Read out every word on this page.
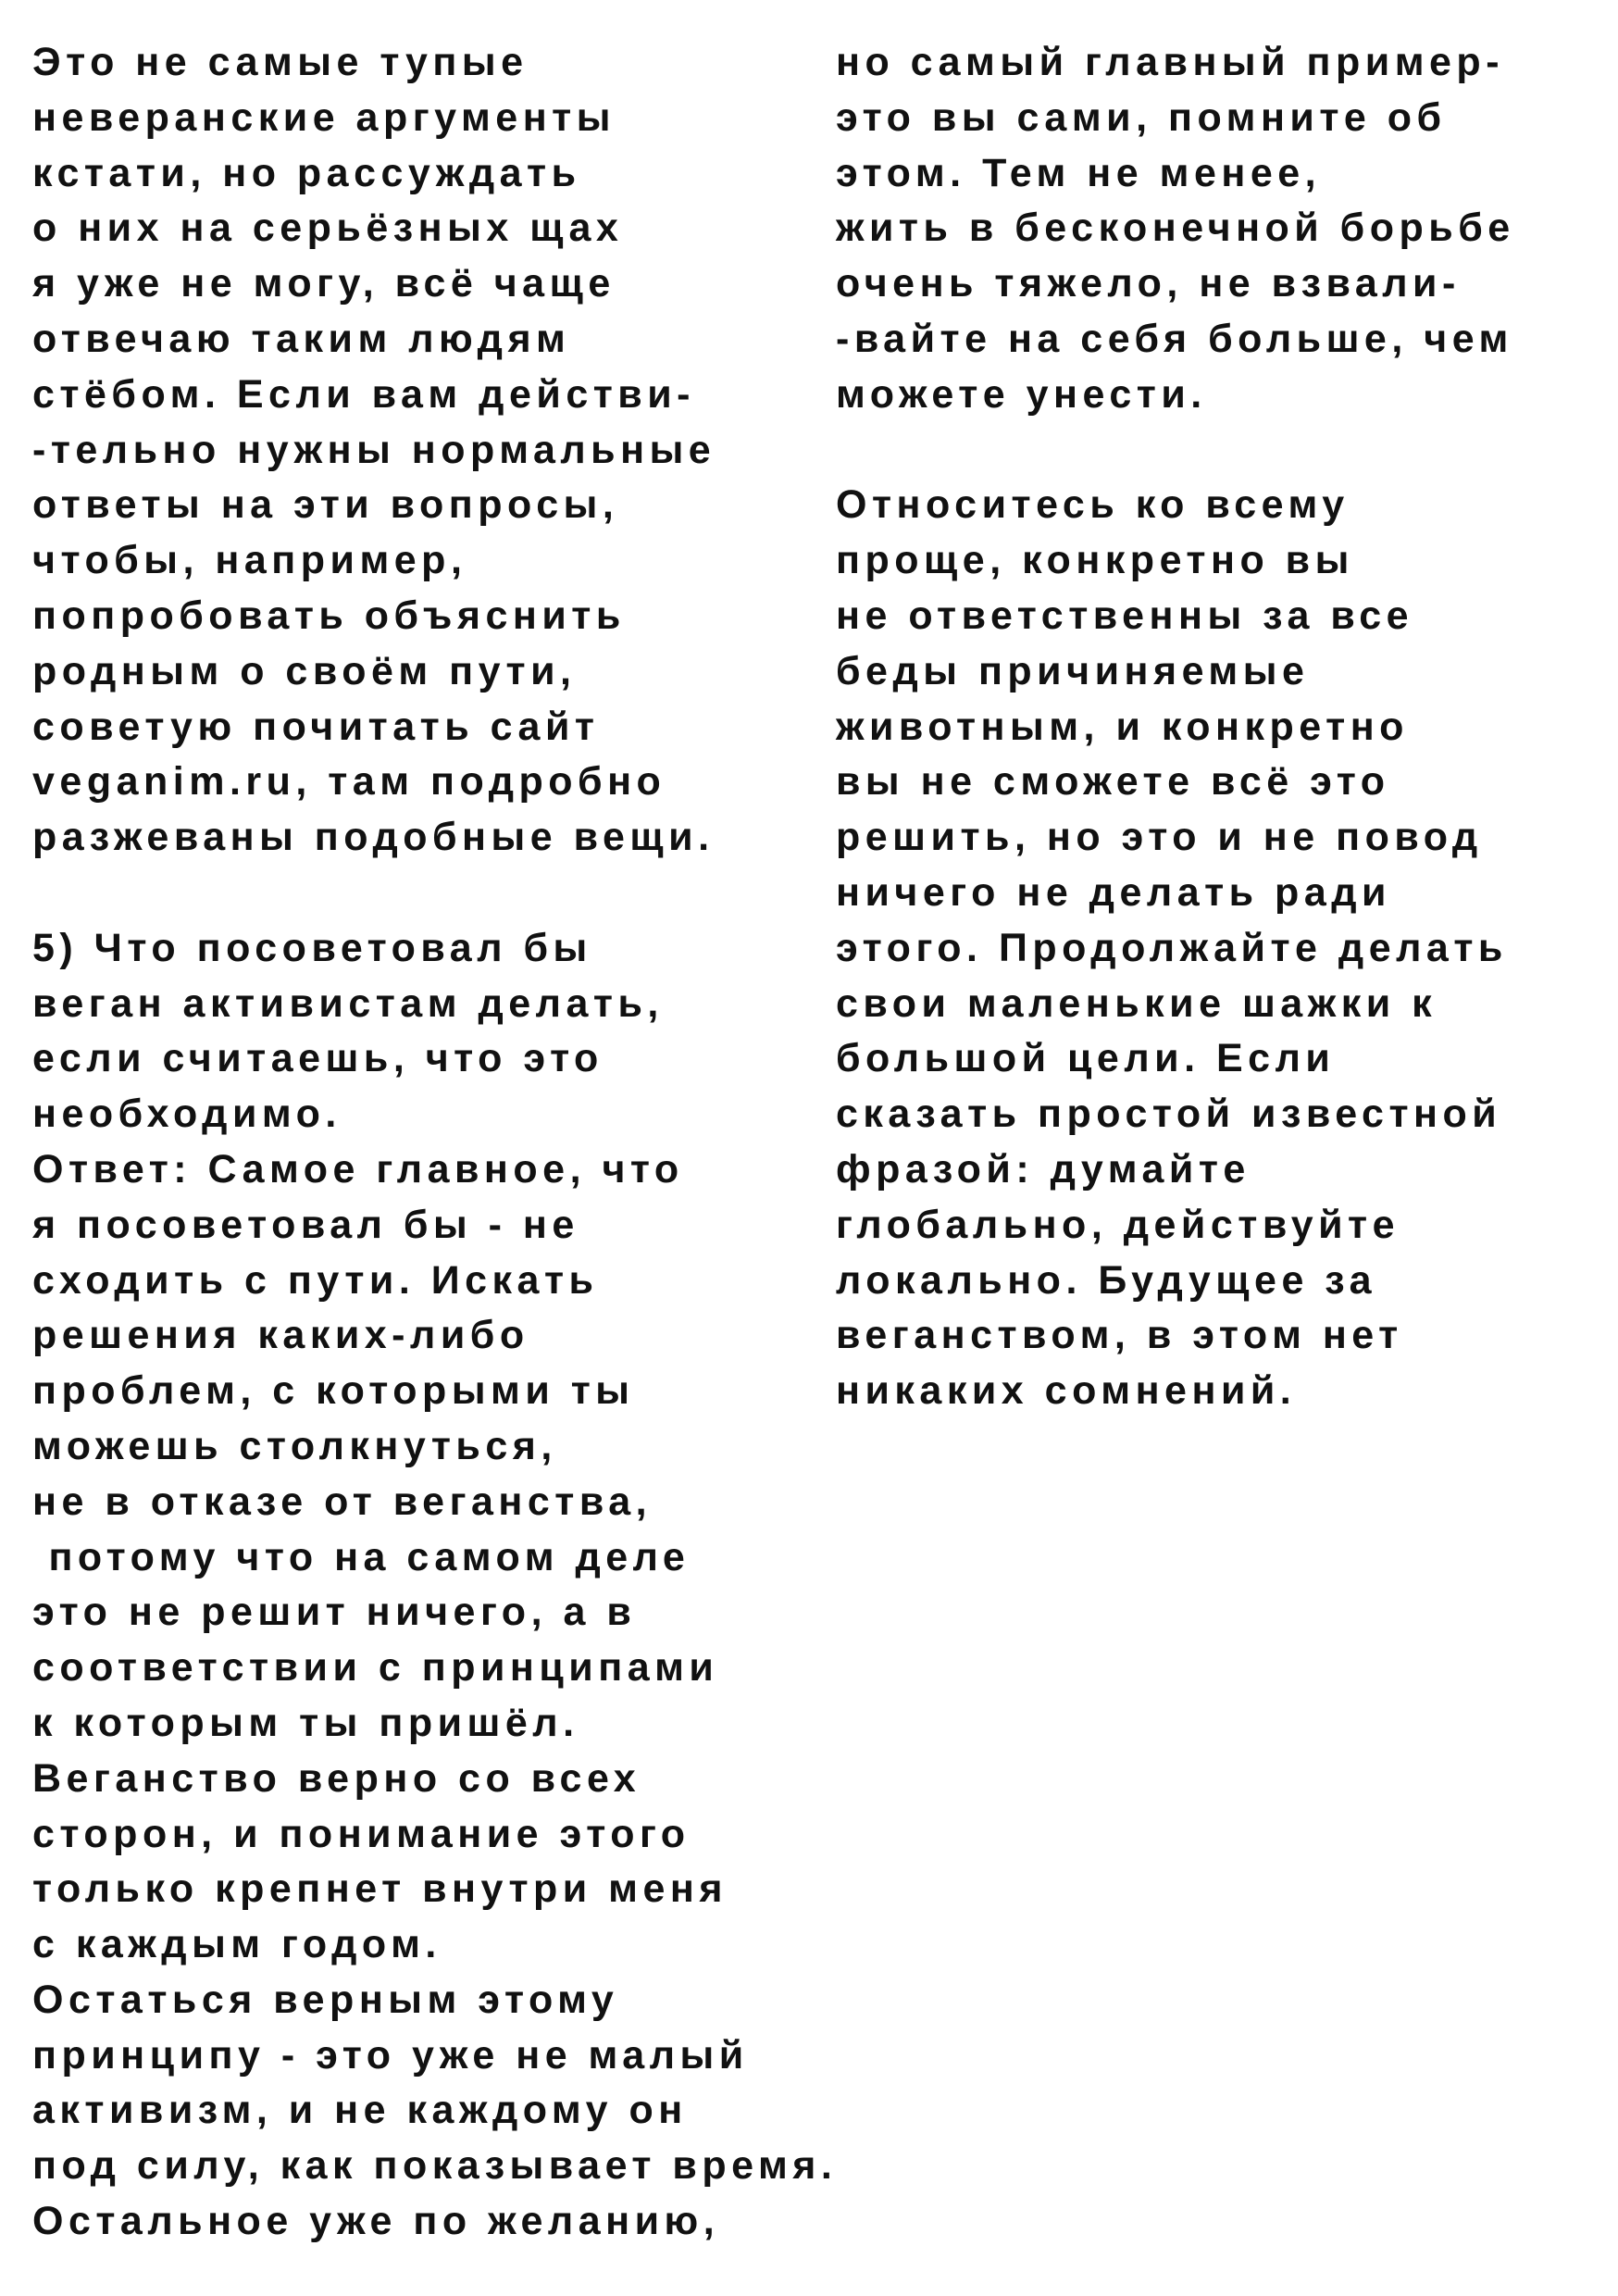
Это не самые тупые
неверанские аргументы
кстати, но рассуждать
о них на серьёзных щах
я уже не могу, всё чаще
отвечаю таким людям
стёбом. Если вам действи-
-тельно нужны нормальные
ответы на эти вопросы,
чтобы, например,
попробовать объяснить
родным о своём пути,
советую почитать сайт
veganim.ru, там подробно
разжеваны подобные вещи.
5) Что посоветовал бы
веган активистам делать,
если считаешь, что это
необходимо.
Ответ: Самое главное, что
я посоветовал бы - не
сходить с пути. Искать
решения каких-либо
проблем, с которыми ты
можешь столкнуться,
не в отказе от веганства,
потому что на самом деле
это не решит ничего, а в
соответствии с принципами
к которым ты пришёл.
Веганство верно со всех
сторон, и понимание этого
только крепнет внутри меня
с каждым годом.
Остаться верным этому
принципу - это уже не малый
активизм, и не каждому он
под силу, как показывает время.
Остальное уже по желанию,
но самый главный пример-
это вы сами, помните об
этом. Тем не менее,
жить в бесконечной борьбе
очень тяжело, не взвали-
-вайте на себя больше, чем
можете унести.
Относитесь ко всему
проще, конкретно вы
не ответственны за все
беды причиняемые
животным, и конкретно
вы не сможете всё это
решить, но это и не повод
ничего не делать ради
этого. Продолжайте делать
свои маленькие шажки к
большой цели. Если
сказать простой известной
фразой: думайте
глобально, действуйте
локально. Будущее за
веганством, в этом нет
никаких сомнений.
